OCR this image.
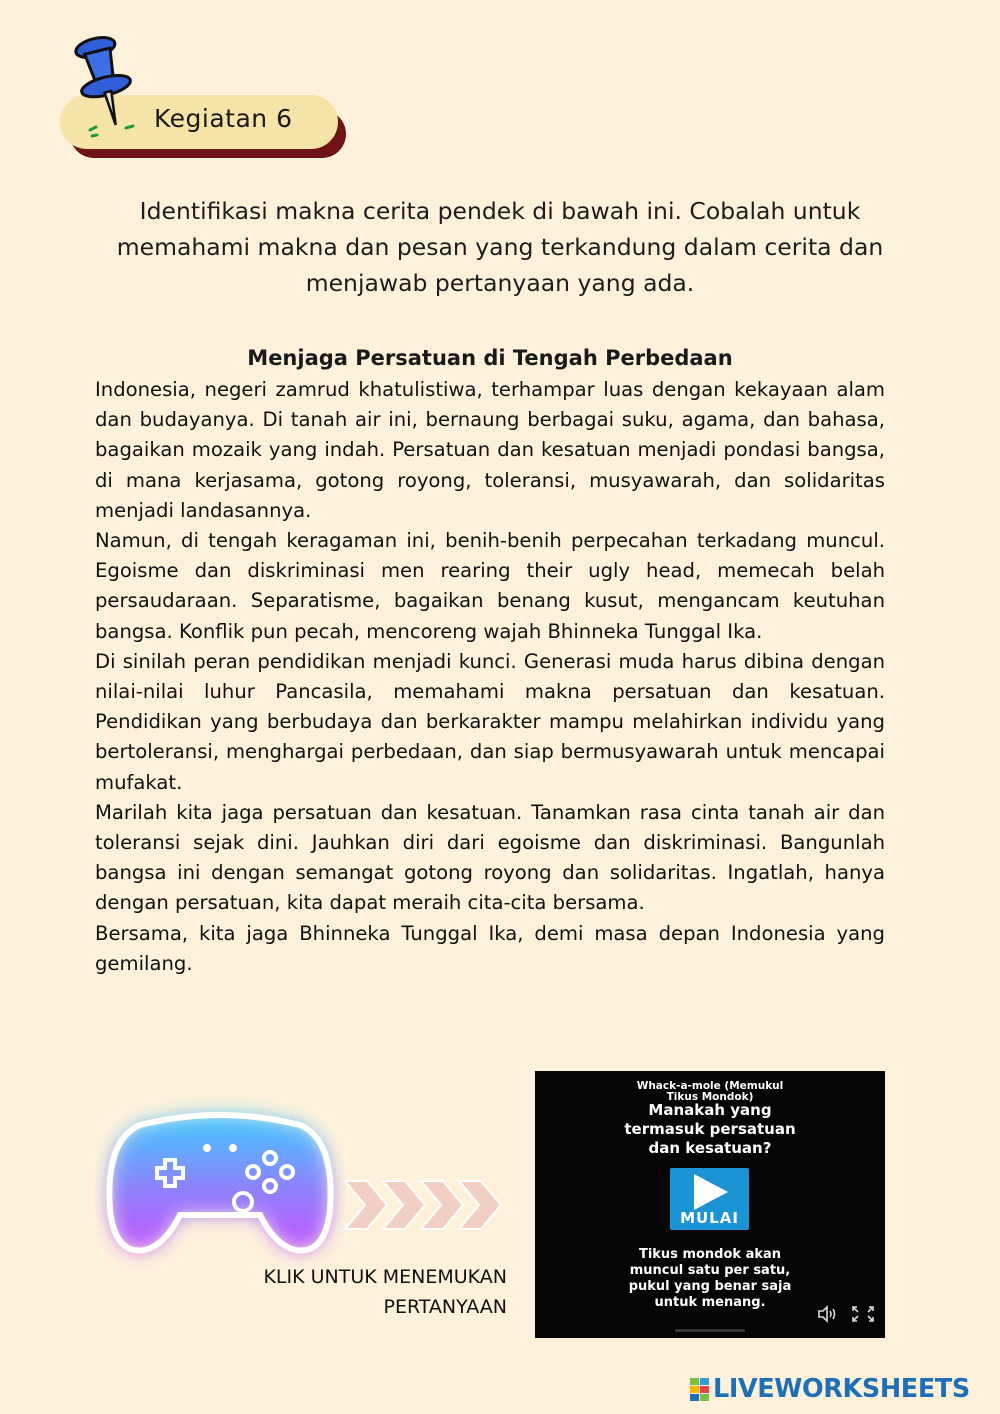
Kegiatan 6
Identifikasi makna cerita pendek di bawah ini. Cobalah untuk memahami makna dan pesan yang terkandung dalam cerita dan menjawab pertanyaan yang ada.
Menjaga Persatuan di Tengah Perbedaan

Indonesia, negeri zamrud khatulistiwa, terhampar luas dengan kekayaan alam dan budayanya. Di tanah air ini, bernaung berbagai suku, agama, dan bahasa, bagaikan mozaik yang indah. Persatuan dan kesatuan menjadi pondasi bangsa, di mana kerjasama, gotong royong, toleransi, musyawarah, dan solidaritas menjadi landasannya.

Namun, di tengah keragaman ini, benih-benih perpecahan terkadang muncul. Egoisme dan diskriminasi men rearing their ugly head, memecah belah persaudaraan. Separatisme, bagaikan benang kusut, mengancam keutuhan bangsa. Konflik pun pecah, mencoreng wajah Bhinneka Tunggal Ika.

Di sinilah peran pendidikan menjadi kunci. Generasi muda harus dibina dengan nilai-nilai luhur Pancasila, memahami makna persatuan dan kesatuan. Pendidikan yang berbudaya dan berkarakter mampu melahirkan individu yang bertoleransi, menghargai perbedaan, dan siap bermusyawarah untuk mencapai mufakat.

Marilah kita jaga persatuan dan kesatuan. Tanamkan rasa cinta tanah air dan toleransi sejak dini. Jauhkan diri dari egoisme dan diskriminasi. Bangunlah bangsa ini dengan semangat gotong royong dan solidaritas. Ingatlah, hanya dengan persatuan, kita dapat meraih cita-cita bersama.

Bersama, kita jaga Bhinneka Tunggal Ika, demi masa depan Indonesia yang gemilang.

KLIK UNTUK MENEMUKAN
PERTANYAAN
Whack-a-mole (Memukul Tikus Mondok)
Manakah yang termasuk persatuan dan kesatuan?
MULAI
Tikus mondok akan muncul satu per satu, pukul yang benar saja untuk menang.
LIVEWORKSHEETS
